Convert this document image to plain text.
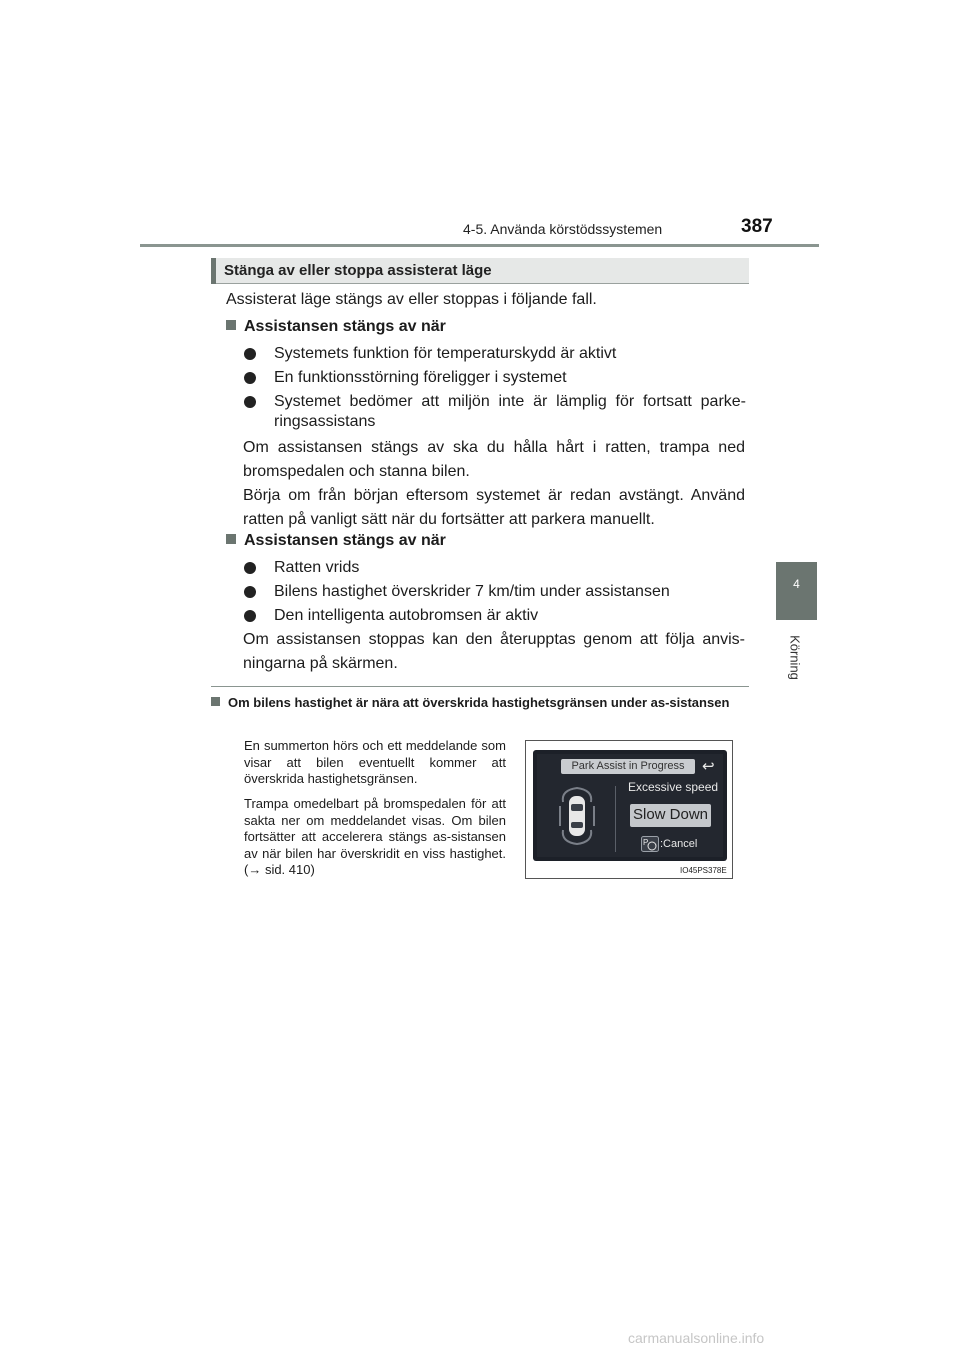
4-5. Använda körstödssystemen	387
4
Körning
Stänga av eller stoppa assisterat läge
Assisterat läge stängs av eller stoppas i följande fall.
Assistansen stängs av när
Systemets funktion för temperaturskydd är aktivt
En funktionsstörning föreligger i systemet
Systemet bedömer att miljön inte är lämplig för fortsatt parke-
ringsassistans
Om assistansen stängs av ska du hålla hårt i ratten, trampa ned bromspedalen och stanna bilen.
Börja om från början eftersom systemet är redan avstängt. Använd ratten på vanligt sätt när du fortsätter att parkera manuellt.
Assistansen stängs av när
Ratten vrids
Bilens hastighet överskrider 7 km/tim under assistansen
Den intelligenta autobromsen är aktiv
Om assistansen stoppas kan den återupptas genom att följa anvis-ningarna på skärmen.
Om bilens hastighet är nära att överskrida hastighetsgränsen under as-sistansen
En summerton hörs och ett meddelande som visar att bilen eventuellt kommer att överskrida hastighetsgränsen.
Trampa omedelbart på bromspedalen för att sakta ner om meddelandet visas. Om bilen fortsätter att accelerera stängs as-sistansen av när bilen har överskridit en viss hastighet. (→ sid. 410)
Park Assist in Progress	↩
Excessive speed
Slow Down
P :Cancel
IO45PS378E
carmanualsonline.info
